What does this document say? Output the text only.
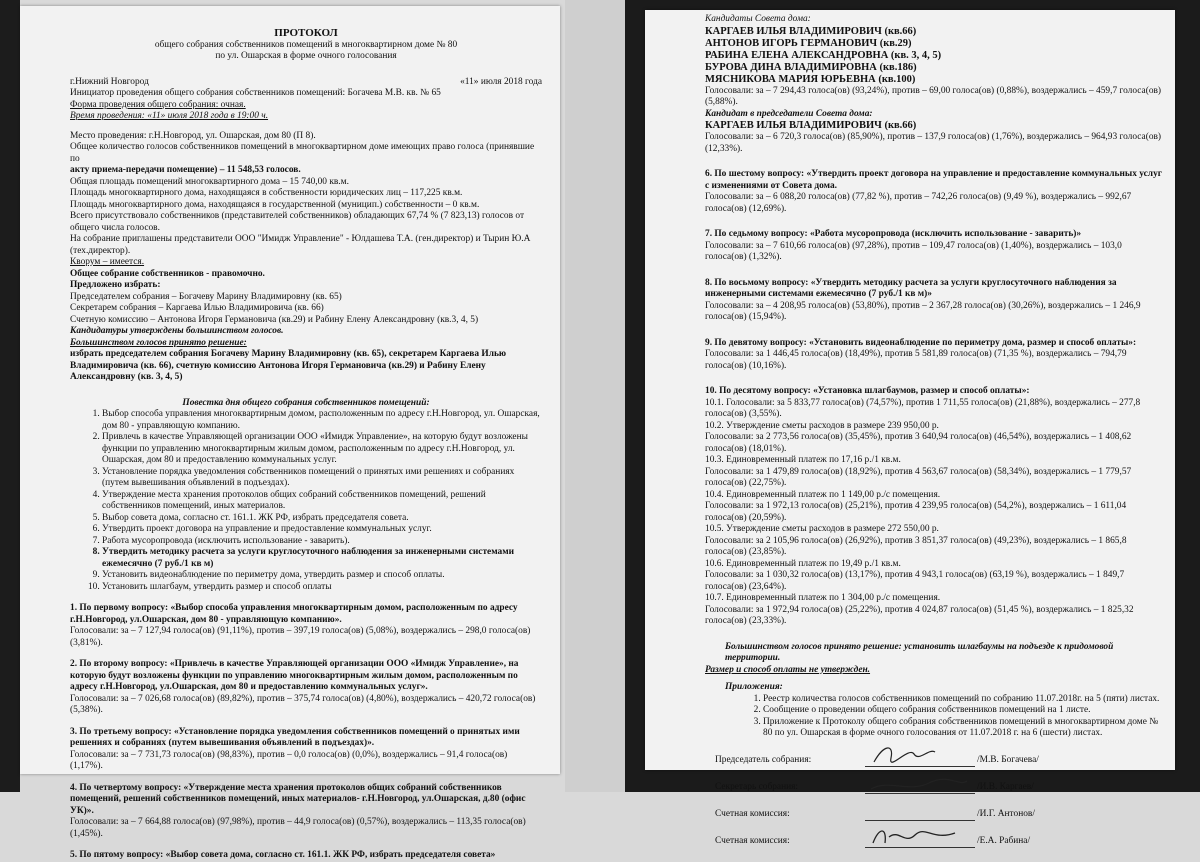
ПРОТОКОЛ
общего собрания собственников помещений в многоквартирном доме № 80
по ул. Ошарская в форме очного голосования
г.Нижний Новгород	«11» июля 2018 года
Инициатор проведения общего собрания собственников помещений: Богачева М.В. кв. № 65
Форма проведения общего собрания: очная.
Время проведения: «11» июля 2018 года в 19:00 ч.
Место проведения: г.Н.Новгород, ул. Ошарская, дом 80 (П 8).
Общее количество голосов собственников помещений в многоквартирном доме имеющих право голоса (принявшие по
акту приема-передачи помещение) – 11 548,53 голосов.
Общая площадь помещений многоквартирного дома – 15 740,00 кв.м.
Площадь многоквартирного дома, находящаяся в собственности юридических лиц – 117,225 кв.м.
Площадь многоквартирного дома, находящаяся в государственной (муницип.) собственности – 0 кв.м.
Всего присутствовало собственников (представителей собственников) обладающих 67,74 % (7 823,13) голосов от
общего числа голосов.
На собрание приглашены представители ООО "Имидж Управление" - Юлдашева Т.А. (ген.директор) и Тырин Ю.А
(тех.директор).
Кворум – имеется.
Общее собрание собственников - правомочно.
Предложено избрать:
Председателем собрания – Богачеву Марину Владимировну (кв. 65)
Секретарем собрания – Каргаева Илью Владимировича (кв. 66)
Счетную комиссию – Антонова Игоря Германовича (кв.29) и Рабину Елену Александровну (кв.3, 4, 5)
Кандидатуры утверждены большинством голосов.
Большинством голосов принято решение:
избрать председателем собрания Богачеву Марину Владимировну (кв. 65), секретарем Каргаева Илью
Владимировича (кв. 66), счетную комиссию Антонова Игоря Германовича (кв.29) и Рабину Елену
Александровну (кв. 3, 4, 5)
Повестка дня общего собрания собственников помещений:
1. Выбор способа управления многоквартирным домом, расположенным по адресу г.Н.Новгород, ул. Ошарская, дом 80 - управляющую компанию.
2. Привлечь в качестве Управляющей организации ООО «Имидж Управление», на которую будут возложены функции по управлению многоквартирным жилым домом, расположенным по адресу г.Н.Новгород, ул. Ошарская, дом 80 и предоставлению коммунальных услуг.
3. Установление порядка уведомления собственников помещений о принятых ими решениях и собраниях (путем вывешивания объявлений в подъездах).
4. Утверждение места хранения протоколов общих собраний собственников помещений, решений собственников помещений, иных материалов.
5. Выбор совета дома, согласно ст. 161.1. ЖК РФ, избрать председателя совета.
6. Утвердить проект договора на управление и предоставление коммунальных услуг.
7. Работа мусоропровода (исключить использование - заварить).
8. Утвердить методику расчета за услуги круглосуточного наблюдения за инженерными системами ежемесячно (7 руб./1 кв м)
9. Установить видеонаблюдение по периметру дома, утвердить размер и способ оплаты.
10. Установить шлагбаум, утвердить размер и способ оплаты
1. По первому вопросу: «Выбор способа управления многоквартирным домом, расположенным по адресу г.Н.Новгород, ул.Ошарская, дом 80 - управляющую компанию».
Голосовали: за – 7 127,94 голоса(ов) (91,11%), против – 397,19 голоса(ов) (5,08%), воздержались – 298,0 голоса(ов) (3,81%).
2. По второму вопросу: «Привлечь в качестве Управляющей организации ООО «Имидж Управление», на которую будут возложены функции по управлению многоквартирным жилым домом, расположенным по адресу г.Н.Новгород, ул.Ошарская, дом 80 и предоставлению коммунальных услуг».
Голосовали: за – 7 026,68 голоса(ов) (89,82%), против – 375,74 голоса(ов) (4,80%), воздержались – 420,72 голоса(ов) (5,38%).
3. По третьему вопросу: «Установление порядка уведомления собственников помещений о принятых ими решениях и собраниях (путем вывешивания объявлений в подъездах)».
Голосовали: за – 7 731,73 голоса(ов) (98,83%), против – 0,0 голоса(ов) (0,0%), воздержались – 91,4 голоса(ов) (1,17%).
4. По четвертому вопросу: «Утверждение места хранения протоколов общих собраний собственников помещений, решений собственников помещений, иных материалов- г.Н.Новгород, ул.Ошарская, д.80 (офис УК)».
Голосовали: за – 7 664,88 голоса(ов) (97,98%), против – 44,9 голоса(ов) (0,57%), воздержались – 113,35 голоса(ов) (1,45%).
5. По пятому вопросу: «Выбор совета дома, согласно ст. 161.1. ЖК РФ, избрать председателя совета»
Кандидаты Совета дома:
КАРГАЕВ ИЛЬЯ ВЛАДИМИРОВИЧ (кв.66)
АНТОНОВ ИГОРЬ ГЕРМАНОВИЧ (кв.29)
РАБИНА ЕЛЕНА АЛЕКСАНДРОВНА (кв. 3, 4, 5)
БУРОВА ДИНА ВЛАДИМИРОВНА (кв.186)
МЯСНИКОВА МАРИЯ ЮРЬЕВНА (кв.100)
Голосовали: за – 7 294,43 голоса(ов) (93,24%), против – 69,00 голоса(ов) (0,88%), воздержались – 459,7 голоса(ов) (5,88%).
Кандидат в председатели Совета дома:
КАРГАЕВ ИЛЬЯ ВЛАДИМИРОВИЧ (кв.66)
Голосовали: за – 6 720,3 голоса(ов) (85,90%), против – 137,9 голоса(ов) (1,76%), воздержались – 964,93 голоса(ов) (12,33%).
6. По шестому вопросу: «Утвердить проект договора на управление и предоставление коммунальных услуг с изменениями от Совета дома.
Голосовали: за – 6 088,20 голоса(ов) (77,82 %), против – 742,26 голоса(ов) (9,49 %), воздержались – 992,67 голоса(ов) (12,69%).
7. По седьмому вопросу: «Работа мусоропровода (исключить использование - заварить)»
Голосовали: за – 7 610,66 голоса(ов) (97,28%), против – 109,47 голоса(ов) (1,40%), воздержались – 103,0 голоса(ов) (1,32%).
8. По восьмому вопросу: «Утвердить методику расчета за услуги круглосуточного наблюдения за инженерными системами ежемесячно (7 руб./1 кв м)»
Голосовали: за – 4 208,95 голоса(ов) (53,80%), против – 2 367,28 голоса(ов) (30,26%), воздержались – 1 246,9 голоса(ов) (15,94%).
9. По девятому вопросу: «Установить видеонаблюдение по периметру дома, размер и способ оплаты»:
Голосовали: за 1 446,45 голоса(ов) (18,49%), против 5 581,89 голоса(ов) (71,35 %), воздержались – 794,79 голоса(ов) (10,16%).
10. По десятому вопросу: «Установка шлагбаумов, размер и способ оплаты»:
10.1. Голосовали: за 5 833,77 голоса(ов) (74,57%), против 1 711,55 голоса(ов) (21,88%), воздержались – 277,8 голоса(ов) (3,55%).
10.2. Утверждение сметы расходов в размере 239 950,00 р.
Голосовали: за 2 773,56 голоса(ов) (35,45%), против 3 640,94 голоса(ов) (46,54%), воздержались – 1 408,62 голоса(ов) (18,01%).
10.3. Единовременный платеж по 17,16 р./1 кв.м.
Голосовали: за 1 479,89 голоса(ов) (18,92%), против 4 563,67 голоса(ов) (58,34%), воздержались – 1 779,57 голоса(ов) (22,75%).
10.4. Единовременный платеж по 1 149,00 р./с помещения.
Голосовали: за 1 972,13 голоса(ов) (25,21%), против 4 239,95 голоса(ов) (54,2%), воздержались – 1 611,04 голоса(ов) (20,59%).
10.5. Утверждение сметы расходов в размере 272 550,00 р.
Голосовали: за 2 105,96 голоса(ов) (26,92%), против 3 851,37 голоса(ов) (49,23%), воздержались – 1 865,8 голоса(ов) (23,85%).
10.6. Единовременный платеж по 19,49 р./1 кв.м.
Голосовали: за 1 030,32 голоса(ов) (13,17%), против 4 943,1 голоса(ов) (63,19 %), воздержались – 1 849,7 голоса(ов) (23,64%).
10.7. Единовременный платеж по 1 304,00 р./с помещения.
Голосовали: за 1 972,94 голоса(ов) (25,22%), против 4 024,87 голоса(ов) (51,45 %), воздержались – 1 825,32 голоса(ов) (23,33%).
Большинством голосов принято решение: установить шлагбаумы на подъезде к придомовой территории.
Размер и способ оплаты не утвержден.
Приложения:
1. Реестр количества голосов собственников помещений по собранию 11.07.2018г. на 5 (пяти) листах.
2. Сообщение о проведении общего собрания собственников помещений на 1 листе.
3. Приложение к Протоколу общего собрания собственников помещений в многоквартирном доме № 80 по ул. Ошарская в форме очного голосования от 11.07.2018 г. на 6 (шести) листах.
Председатель собрания:	/М.В. Богачева/
Секретарь собрания:	/И.В. Каргаев/
Счетная комиссия:	/И.Г. Антонов/
Счетная комиссия:	/Е.А. Рабина/
